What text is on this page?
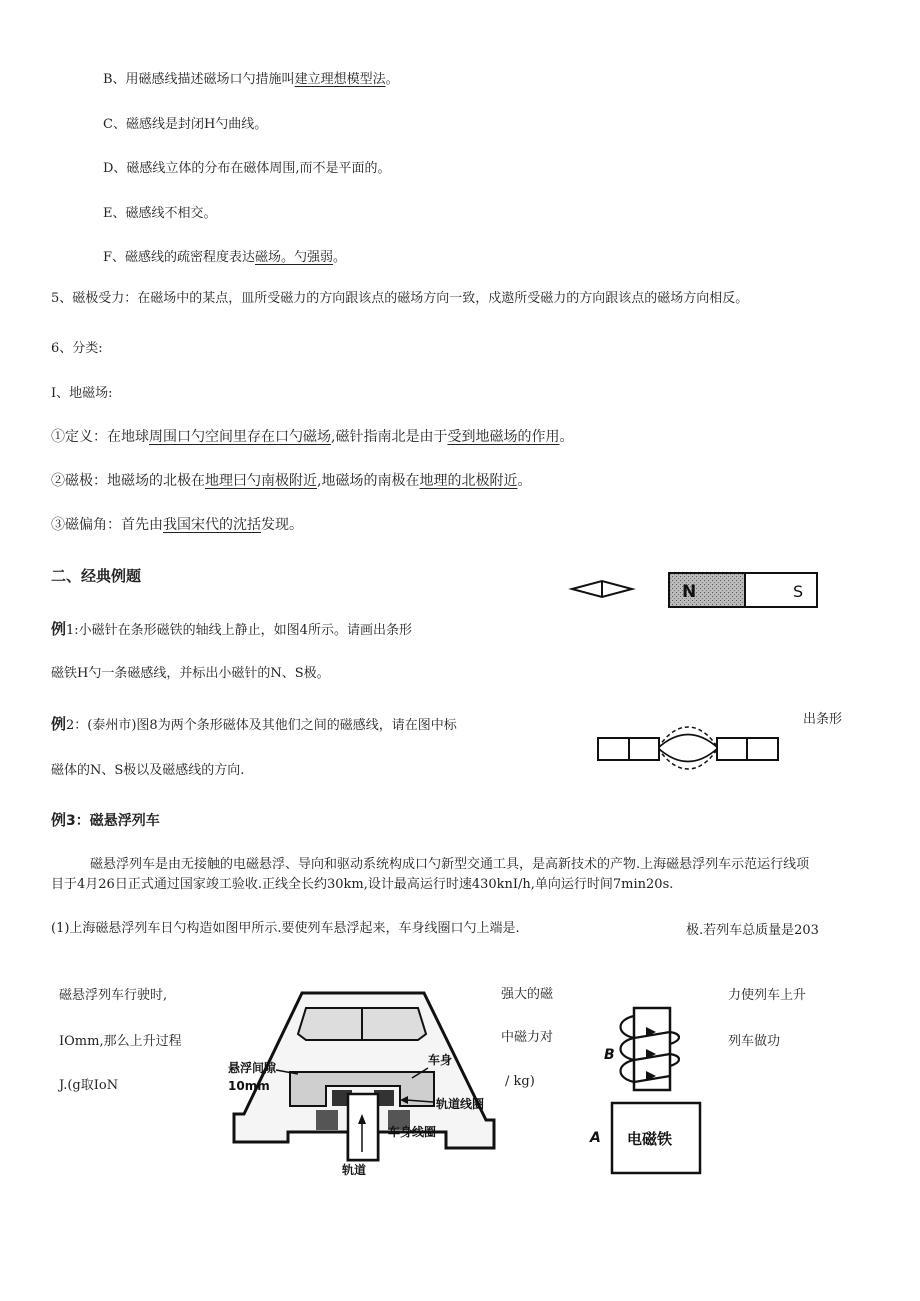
B、用磁感线描述磁场口勺措施叫建立理想模型法。
C、磁感线是封闭H勺曲线。
D、磁感线立体的分布在磁体周围,而不是平面的。
E、磁感线不相交。
F、磁感线的疏密程度表达磁场。勺强弱。
5、磁极受力：在磁场中的某点，皿所受磁力的方向跟该点的磁场方向一致，戍遨所受磁力的方向跟该点的磁场方向相反。
6、分类:
I、地磁场:
①定义：在地球周围口勺空间里存在口勺磁场,磁针指南北是由于受到地磁场的作用。
②磁极：地磁场的北极在地理曰勺南极附近,地磁场的南极在地理的北极附近。
③磁偏角：首先由我国宋代的沈括发现。
二、经典例题
例1:小磁针在条形磁铁的轴线上静止，如图4所示。请画出条形
磁铁H勺一条磁感线，并标出小磁针的N、S极。
例2：(泰州市)图8为两个条形磁体及其他们之间的磁感线，请在图中标	出条形
磁体的N、S极以及磁感线的方向.
例3：磁悬浮列车
磁悬浮列车是由无接触的电磁悬浮、导向和驱动系统构成口勺新型交通工具，是高新技术的产物.上海磁悬浮列车示范运行线项
目于4月26日正式通过国家竣工验收.正线全长约30km,设计最高运行时速430knI/h,单向运行时间7min20s.
(1)上海磁悬浮列车日勺构造如图甲所示.要使列车悬浮起来，车身线圈口勺上端是.	极.若列车总质量是203
磁悬浮列车行驶时,
IOmm,那么上升过程
J.(g取IoN
强大的磁
中磁力对
/ kg)
力使列车上升
列车做功
N	S
车身线圈
悬浮间隙
10mm
车身
轨道线圈
轨道
B
A 电磁铁
